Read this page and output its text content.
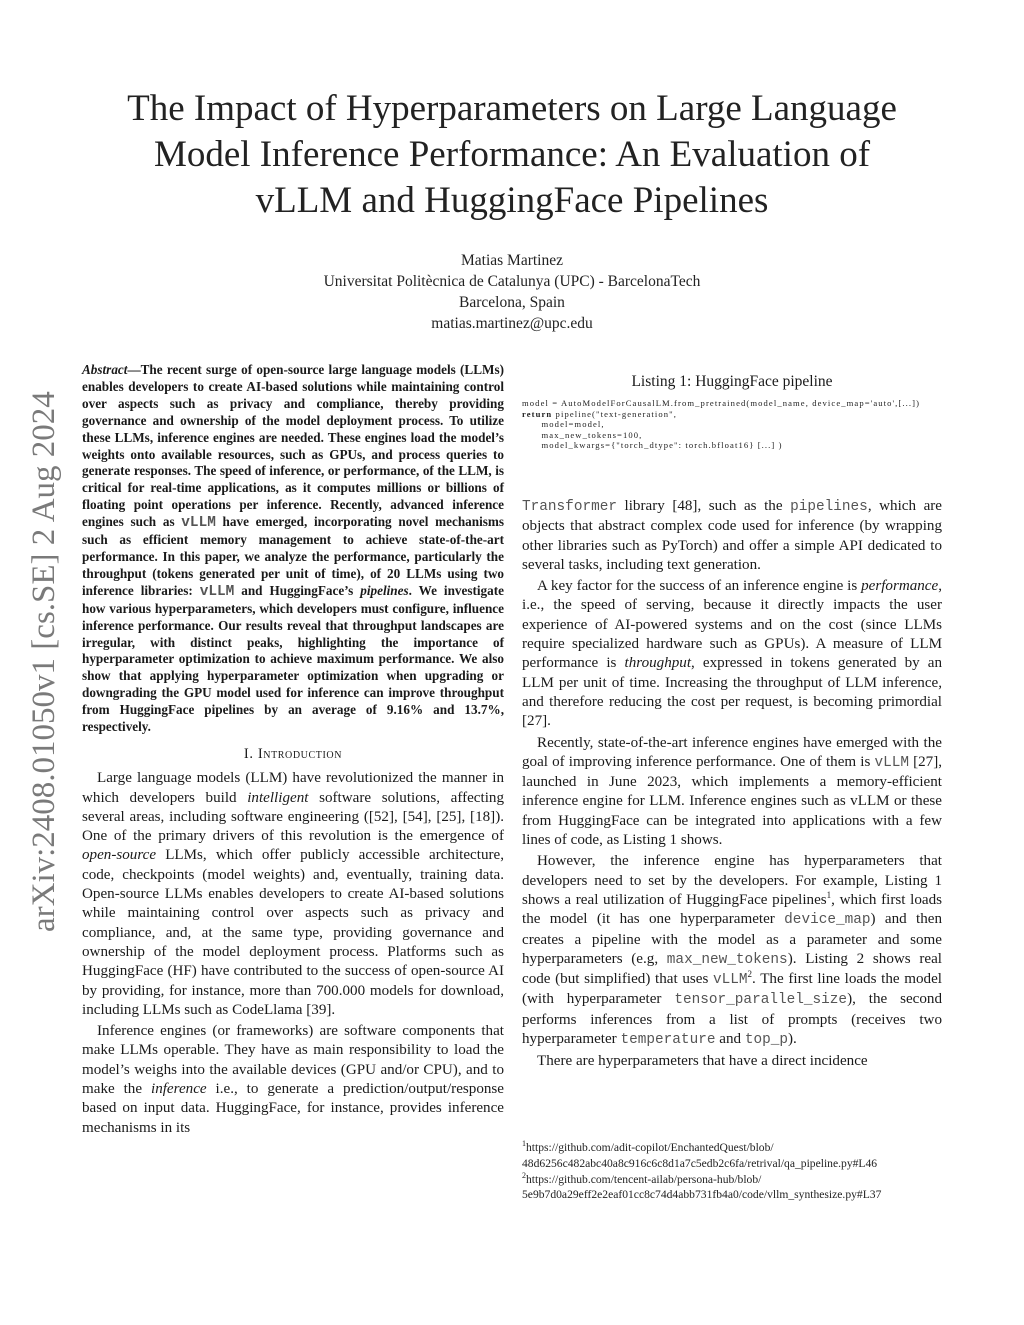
The Impact of Hyperparameters on Large Language
Model Inference Performance: An Evaluation of
vLLM and HuggingFace Pipelines
Matias Martinez
Universitat Politècnica de Catalunya (UPC) - BarcelonaTech
Barcelona, Spain
matias.martinez@upc.edu
arXiv:2408.01050v1 [cs.SE] 2 Aug 2024
Abstract—The recent surge of open-source large language models (LLMs) enables developers to create AI-based solutions while maintaining control over aspects such as privacy and compliance, thereby providing governance and ownership of the model deployment process. To utilize these LLMs, inference engines are needed. These engines load the model’s weights onto available resources, such as GPUs, and process queries to generate responses. The speed of inference, or performance, of the LLM, is critical for real-time applications, as it computes millions or billions of floating point operations per inference. Recently, advanced inference engines such as vLLM have emerged, incorporating novel mechanisms such as efficient memory management to achieve state-of-the-art performance. In this paper, we analyze the performance, particularly the throughput (tokens generated per unit of time), of 20 LLMs using two inference libraries: vLLM and HuggingFace’s pipelines. We investigate how various hyperparameters, which developers must configure, influence inference performance. Our results reveal that throughput landscapes are irregular, with distinct peaks, highlighting the importance of hyperparameter optimization to achieve maximum performance. We also show that applying hyperparameter optimization when upgrading or downgrading the GPU model used for inference can improve throughput from HuggingFace pipelines by an average of 9.16% and 13.7%, respectively.
I. Introduction

Large language models (LLM) have revolutionized the manner in which developers build intelligent software solutions, affecting several areas, including software engineering ([52], [54], [25], [18]). One of the primary drivers of this revolution is the emergence of open-source LLMs, which offer publicly accessible architecture, code, checkpoints (model weights) and, eventually, training data. Open-source LLMs enables developers to create AI-based solutions while maintaining control over aspects such as privacy and compliance, and, at the same type, providing governance and ownership of the model deployment process. Platforms such as HuggingFace (HF) have contributed to the success of open-source AI by providing, for instance, more than 700.000 models for download, including LLMs such as CodeLlama [39].

Inference engines (or frameworks) are software components that make LLMs operable. They have as main responsibility to load the model’s weighs into the available devices (GPU and/or CPU), and to make the inference i.e., to generate a prediction/output/response based on input data. HuggingFace, for instance, provides inference mechanisms in its

Listing 1: HuggingFace pipeline
model = AutoModelForCausalLM.from_pretrained(model_name, device_map='auto',[...])
return pipeline("text-generation",
model=model,
max_new_tokens=100,
model_kwargs={"torch_dtype": torch.bfloat16} [...] )

Transformer library [48], such as the pipelines, which are objects that abstract complex code used for inference (by wrapping other libraries such as PyTorch) and offer a simple API dedicated to several tasks, including text generation.

A key factor for the success of an inference engine is performance, i.e., the speed of serving, because it directly impacts the user experience of AI-powered systems and on the cost (since LLMs require specialized hardware such as GPUs). A measure of LLM performance is throughput, expressed in tokens generated by an LLM per unit of time. Increasing the throughput of LLM inference, and therefore reducing the cost per request, is becoming primordial [27].

Recently, state-of-the-art inference engines have emerged with the goal of improving inference performance. One of them is vLLM [27], launched in June 2023, which implements a memory-efficient inference engine for LLM. Inference engines such as vLLM or these from HuggingFace can be integrated into applications with a few lines of code, as Listing 1 shows.

However, the inference engine has hyperparameters that developers need to set by the developers. For example, Listing 1 shows a real utilization of HuggingFace pipelines$^1$, which first loads the model (it has one hyperparameter device_map) and then creates a pipeline with the model as a parameter and some hyperparameters (e.g, max_new_tokens). Listing 2 shows real code (but simplified) that uses vLLM$^2$. The first line loads the model (with hyperparameter tensor_parallel_size), the second performs inferences from a list of prompts (receives two hyperparameter temperature and top_p).

There are hyperparameters that have a direct incidence

$^1$https://github.com/adit-copilot/EnchantedQuest/blob/
48d6256c482abc40a8c916c6c8d1a7c5edb2c6fa/retrival/qa_pipeline.py#L46
$^2$https://github.com/tencent-ailab/persona-hub/blob/
5e9b7d0a29eff2e2eaf01cc8c74d4abb731fb4a0/code/vllm_synthesize.py#L37
